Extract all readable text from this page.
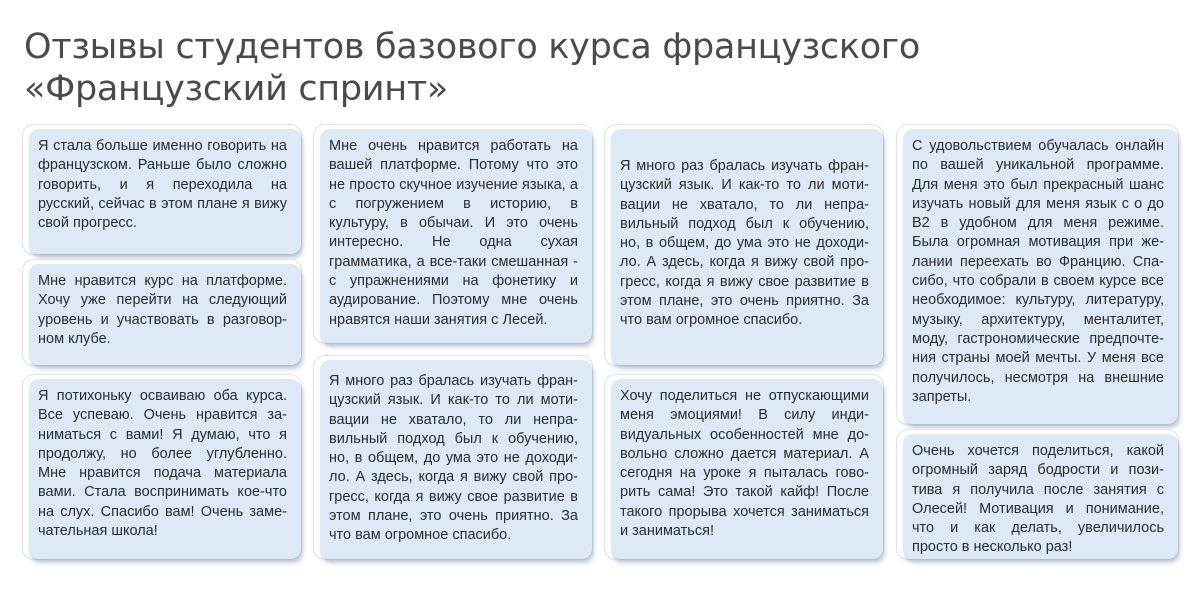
Отзывы студентов базового курса французского «Французский спринт»
Я стала больше именно говорить на французском. Раньше было сложно говорить, и я переходила на русский, сейчас в этом плане я вижу свой прогресс.
Мне нравится курс на платформе. Хочу уже перейти на следующий уровень и участвовать в разговорном клубе.
Я потихоньку осваиваю оба курса. Все успеваю. Очень нравится заниматься с вами! Я думаю, что я продолжу, но более углубленно. Мне нравится подача материала вами. Стала воспринимать кое-что на слух. Спасибо вам! Очень замечательная школа!
Мне очень нравится работать на вашей платформе. Потому что это не просто скучное изучение языка, а с погружением в историю, в культуру, в обычаи. И это очень интересно. Не одна сухая грамматика, а все-таки смешанная - с упражнениями на фонетику и аудирование. Поэтому мне очень нравятся наши занятия с Лесей.
Я много раз бралась изучать французский язык. И как-то то ли мотивации не хватало, то ли неправильный подход был к обучению, но, в общем, до ума это не доходило. А здесь, когда я вижу свой прогресс, когда я вижу свое развитие в этом плане, это очень приятно. За что вам огромное спасибо.
Я много раз бралась изучать французский язык. И как-то то ли мотивации не хватало, то ли неправильный подход был к обучению, но, в общем, до ума это не доходило. А здесь, когда я вижу свой прогресс, когда я вижу свое развитие в этом плане, это очень приятно. За что вам огромное спасибо.
Хочу поделиться не отпускающими меня эмоциями! В силу индивидуальных особенностей мне довольно сложно дается материал. А сегодня на уроке я пыталась говорить сама! Это такой кайф! После такого прорыва хочется заниматься и заниматься!
С удовольствием обучалась онлайн по вашей уникальной программе. Для меня это был прекрасный шанс изучать новый для меня язык с о до В2 в удобном для меня режиме. Была огромная мотивация при желании переехать во Францию. Спасибо, что собрали в своем курсе все необходимое: культуру, литературу, музыку, архитектуру, менталитет, моду, гастрономические предпочтения страны моей мечты. У меня все получилось, несмотря на внешние запреты.
Очень хочется поделиться, какой огромный заряд бодрости и позитива я получила после занятия с Олесей! Мотивация и понимание, что и как делать, увеличилось просто в несколько раз!
